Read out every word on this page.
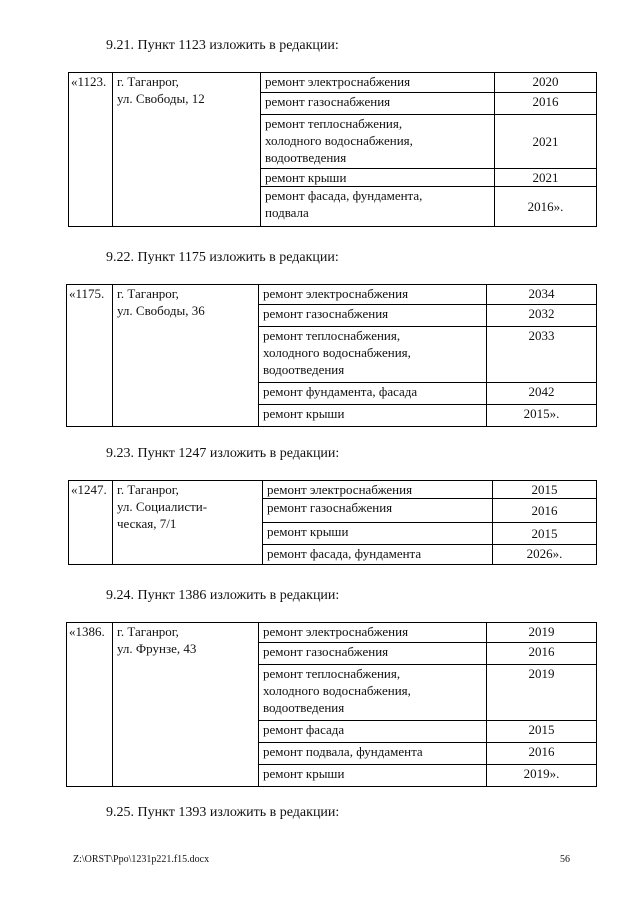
9.21. Пункт 1123 изложить в редакции:
«1123.	г. Таганрог,
ул. Свободы, 12	ремонт электроснабжения	2020
		ремонт газоснабжения	2016
		ремонт теплоснабжения,
холодного водоснабжения,
водоотведения	2021
		ремонт крыши	2021
		ремонт фасада, фундамента,
подвала	2016».
9.22. Пункт 1175 изложить в редакции:
«1175.	г. Таганрог,
ул. Свободы, 36	ремонт электроснабжения	2034
		ремонт газоснабжения	2032
		ремонт теплоснабжения,
холодного водоснабжения,
водоотведения	2033
		ремонт фундамента, фасада	2042
		ремонт крыши	2015».
9.23. Пункт 1247 изложить в редакции:
«1247.	г. Таганрог,
ул. Социалисти-
ческая, 7/1	ремонт электроснабжения	2015
		ремонт газоснабжения	2016
		ремонт крыши	2015
		ремонт фасада, фундамента	2026».
9.24. Пункт 1386 изложить в редакции:
«1386.	г. Таганрог,
ул. Фрунзе, 43	ремонт электроснабжения	2019
		ремонт газоснабжения	2016
		ремонт теплоснабжения,
холодного водоснабжения,
водоотведения	2019
		ремонт фасада	2015
		ремонт подвала, фундамента	2016
		ремонт крыши	2019».
9.25. Пункт 1393 изложить в редакции:
Z:\ORST\Ppo\1231p221.f15.docx	56
